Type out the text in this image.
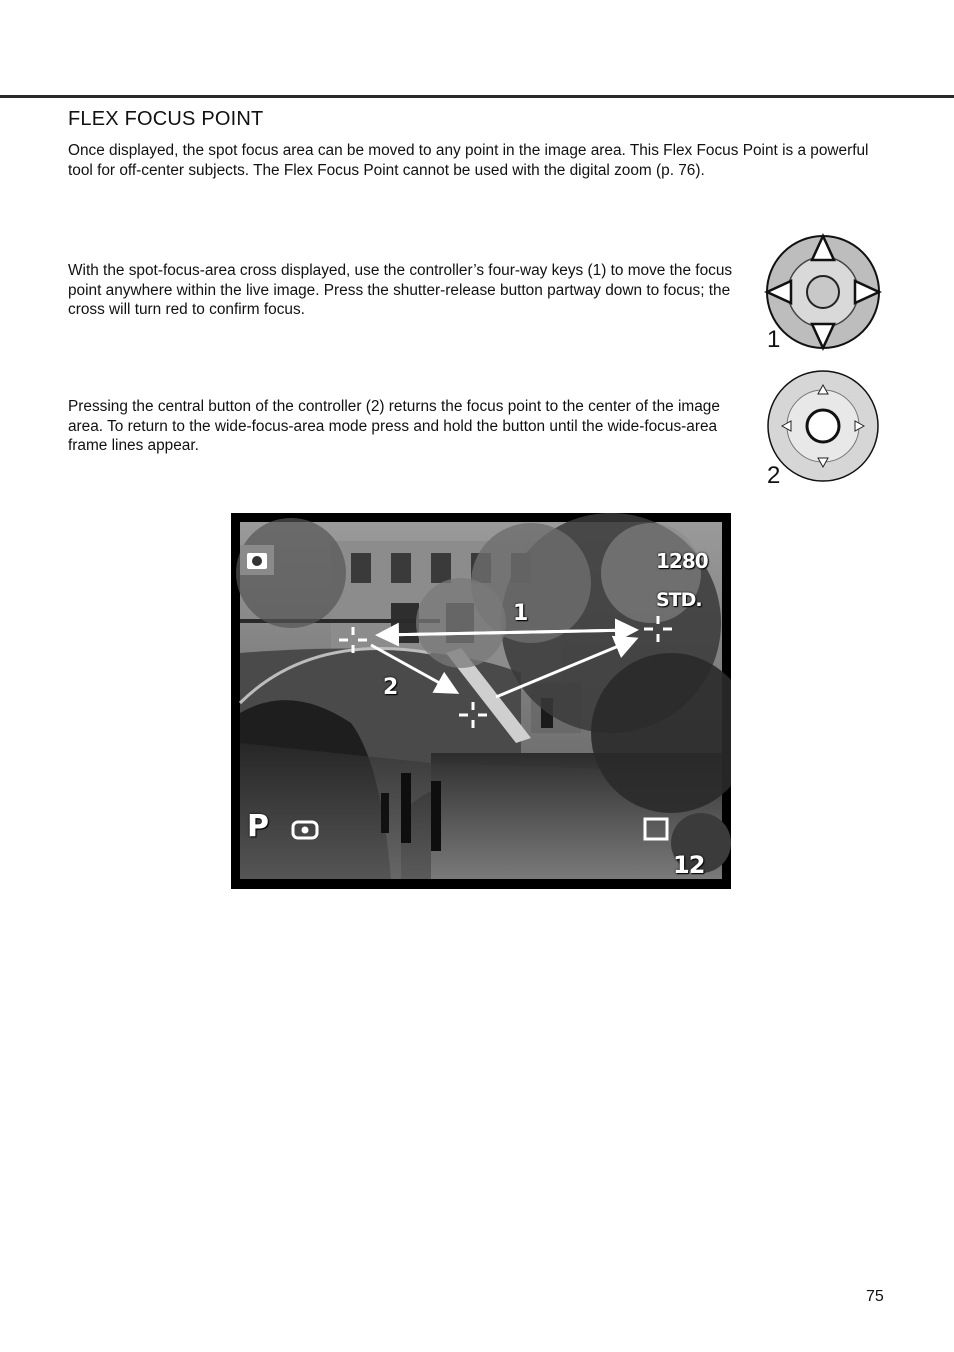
FLEX FOCUS POINT

Once displayed, the spot focus area can be moved to any point in the image area. This Flex Focus Point is a powerful tool for off-center subjects. The Flex Focus Point cannot be used with the digital zoom (p. 76).

With the spot-focus-area cross displayed, use the controller’s four-way keys (1) to move the focus point anywhere within the live image. Press the shutter-release button partway down to focus; the cross will turn red to confirm focus.

1

Pressing the central button of the controller (2) returns the focus point to the center of the image area. To return to the wide-focus-area mode press and hold the button until the wide-focus-area frame lines appear.

2
1280
STD.
P
12
1
2
75
